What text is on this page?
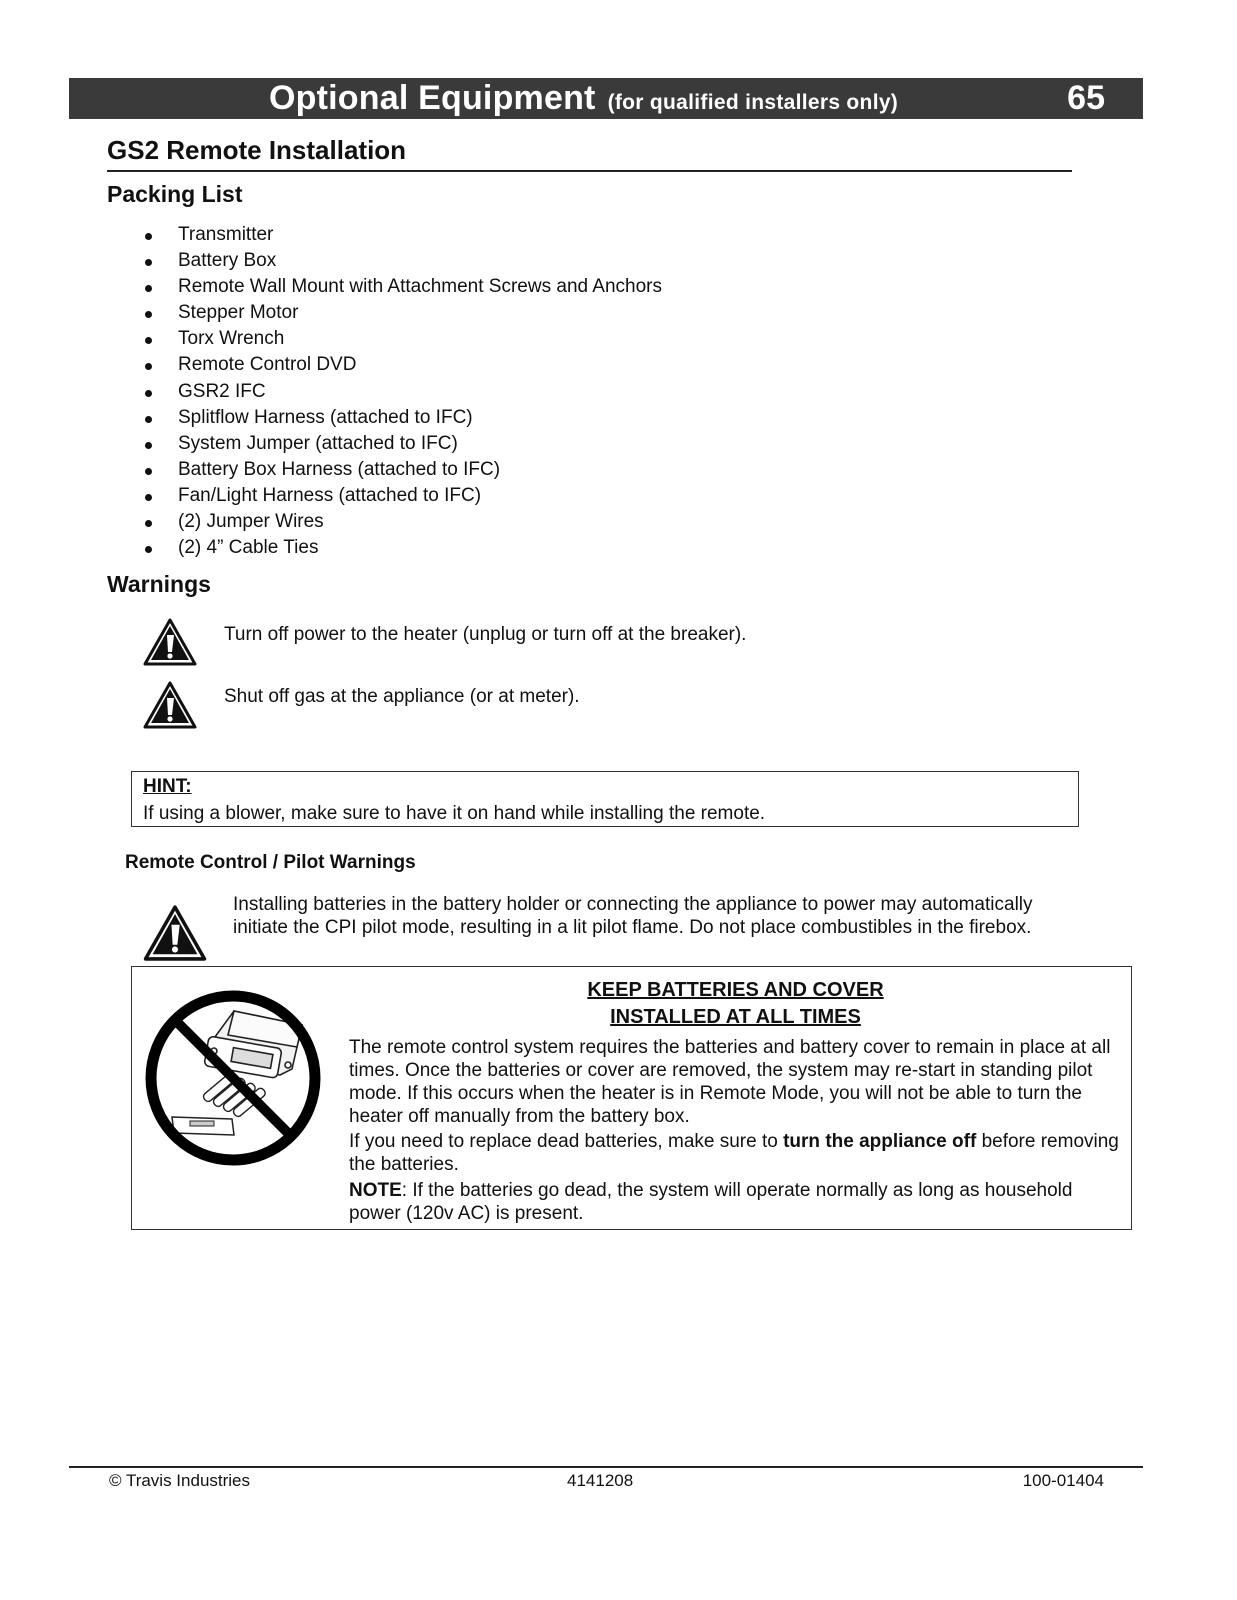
Optional Equipment (for qualified installers only)	65
GS2 Remote Installation
Packing List
Transmitter
Battery Box
Remote Wall Mount with Attachment Screws and Anchors
Stepper Motor
Torx Wrench
Remote Control DVD
GSR2 IFC
Splitflow Harness (attached to IFC)
System Jumper (attached to IFC)
Battery Box Harness (attached to IFC)
Fan/Light Harness (attached to IFC)
(2) Jumper Wires
(2) 4” Cable Ties
Warnings
Turn off power to the heater (unplug or turn off at the breaker).
Shut off gas at the appliance (or at meter).
HINT:
If using a blower, make sure to have it on hand while installing the remote.
Remote Control / Pilot Warnings
Installing batteries in the battery holder or connecting the appliance to power may automatically
initiate the CPI pilot mode, resulting in a lit pilot flame. Do not place combustibles in the firebox.
KEEP BATTERIES AND COVER
INSTALLED AT ALL TIMES

The remote control system requires the batteries and battery cover to remain in place at all times. Once the batteries or cover are removed, the system may re-start in standing pilot mode. If this occurs when the heater is in Remote Mode, you will not be able to turn the heater off manually from the battery box.

If you need to replace dead batteries, make sure to turn the appliance off before removing the batteries.

NOTE: If the batteries go dead, the system will operate normally as long as household power (120v AC) is present.

© Travis Industries	4141208	100-01404
